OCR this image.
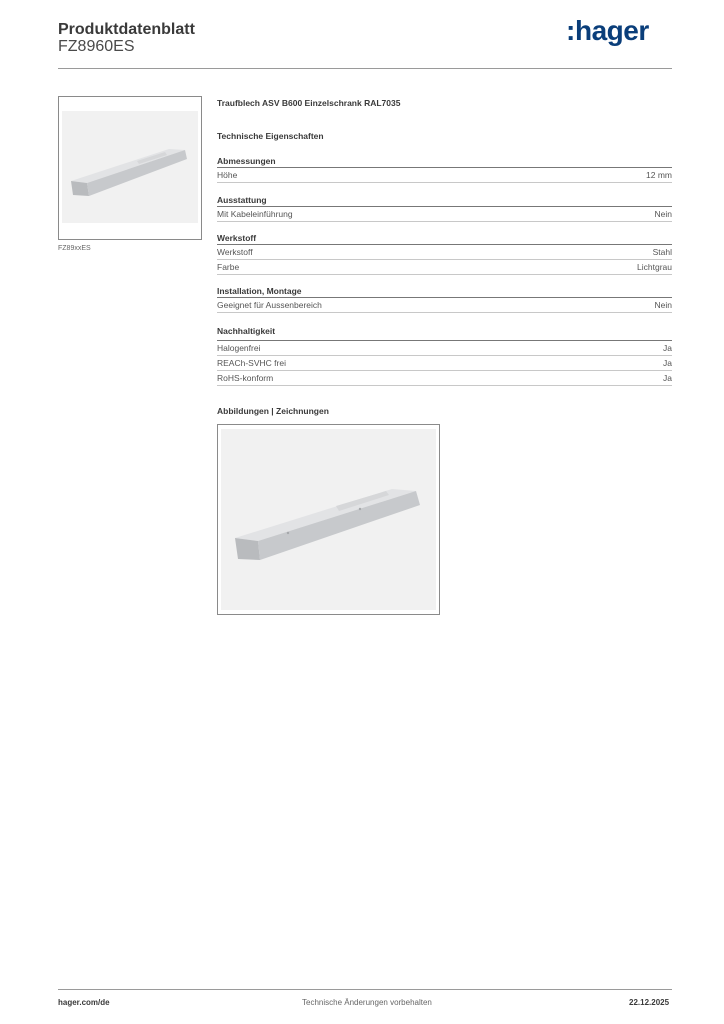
Produktdatenblatt
FZ8960ES
: hager
FZ89xxES
Traufblech ASV B600 Einzelschrank RAL7035
Technische Eigenschaften
Abmessungen
Höhe	12 mm
Ausstattung
Mit Kabeleinführung	Nein
Werkstoff
Werkstoff	Stahl
Farbe	Lichtgrau
Installation, Montage
Geeignet für Aussenbereich	Nein
Nachhaltigkeit
Halogenfrei	Ja
REACh-SVHC frei	Ja
RoHS-konform	Ja
Abbildungen | Zeichnungen
hager.com/de	Technische Änderungen vorbehalten	22.12.2025
